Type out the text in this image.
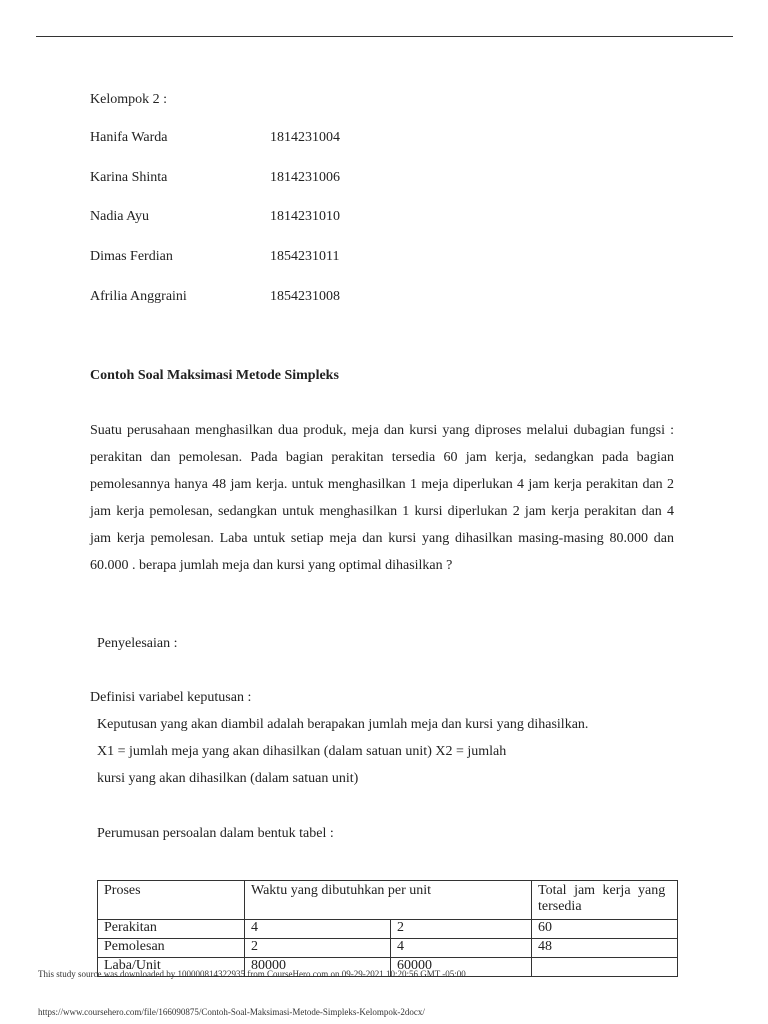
Kelompok 2 :
Hanifa Warda	1814231004
Karina Shinta	1814231006
Nadia Ayu	1814231010
Dimas Ferdian	1854231011
Afrilia Anggraini	1854231008
Contoh Soal Maksimasi Metode Simpleks

Suatu perusahaan menghasilkan dua produk, meja dan kursi yang diproses melalui dubagian fungsi : perakitan dan pemolesan. Pada bagian perakitan tersedia 60 jam kerja, sedangkan pada bagian pemolesannya hanya 48 jam kerja. untuk menghasilkan 1 meja diperlukan 4 jam kerja perakitan dan 2 jam kerja pemolesan, sedangkan untuk menghasilkan 1 kursi diperlukan 2 jam kerja perakitan dan 4 jam kerja pemolesan. Laba untuk setiap meja dan kursi yang dihasilkan masing-masing 80.000 dan 60.000 . berapa jumlah meja dan kursi yang optimal dihasilkan ?

Penyelesaian :
Definisi variabel keputusan :
Keputusan yang akan diambil adalah berapakan jumlah meja dan kursi yang dihasilkan.
X1 = jumlah meja yang akan dihasilkan (dalam satuan unit) X2 = jumlah
kursi yang akan dihasilkan (dalam satuan unit)
Perumusan persoalan dalam bentuk tabel :
Proses	Waktu yang dibutuhkan per unit		Total jam kerja yang tersedia

Perakitan	4	2	60
Pemolesan	2	4	48
Laba/Unit	80000	60000	
This study source was downloaded by 100000814322935 from CourseHero.com on 09-29-2021 10:20:56 GMT -05:00
https://www.coursehero.com/file/166090875/Contoh-Soal-Maksimasi-Metode-Simpleks-Kelompok-2docx/
